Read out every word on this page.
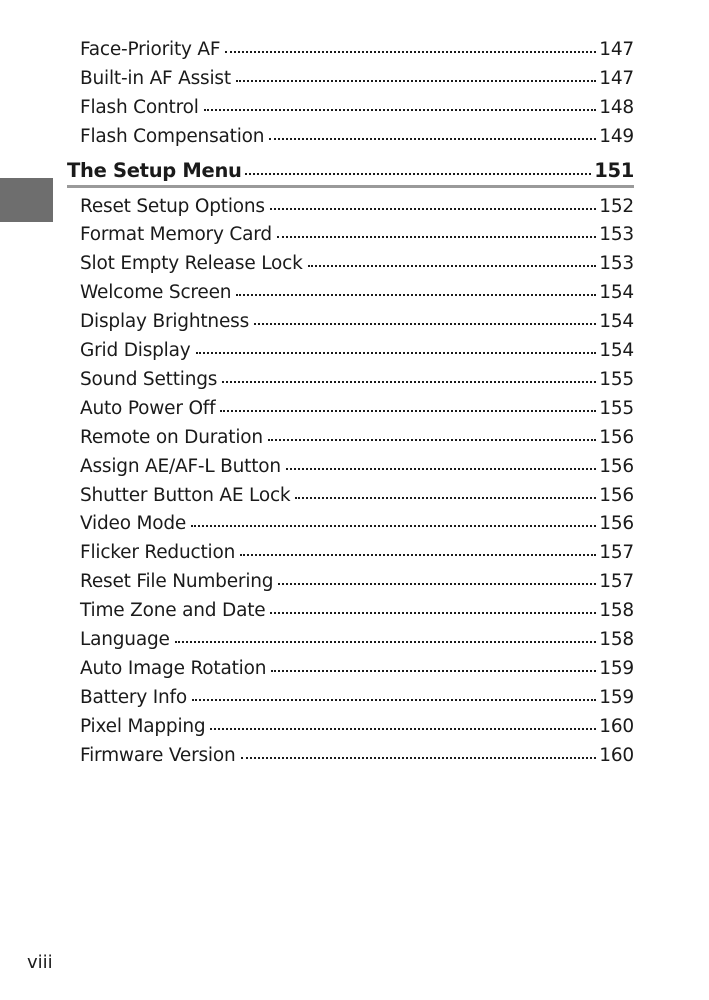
Face-Priority AF	147
Built-in AF Assist	147
Flash Control	148
Flash Compensation	149
The Setup Menu	151
Reset Setup Options	152
Format Memory Card	153
Slot Empty Release Lock	153
Welcome Screen	154
Display Brightness	154
Grid Display	154
Sound Settings	155
Auto Power Off	155
Remote on Duration	156
Assign AE/AF-L Button	156
Shutter Button AE Lock	156
Video Mode	156
Flicker Reduction	157
Reset File Numbering	157
Time Zone and Date	158
Language	158
Auto Image Rotation	159
Battery Info	159
Pixel Mapping	160
Firmware Version	160
viii
